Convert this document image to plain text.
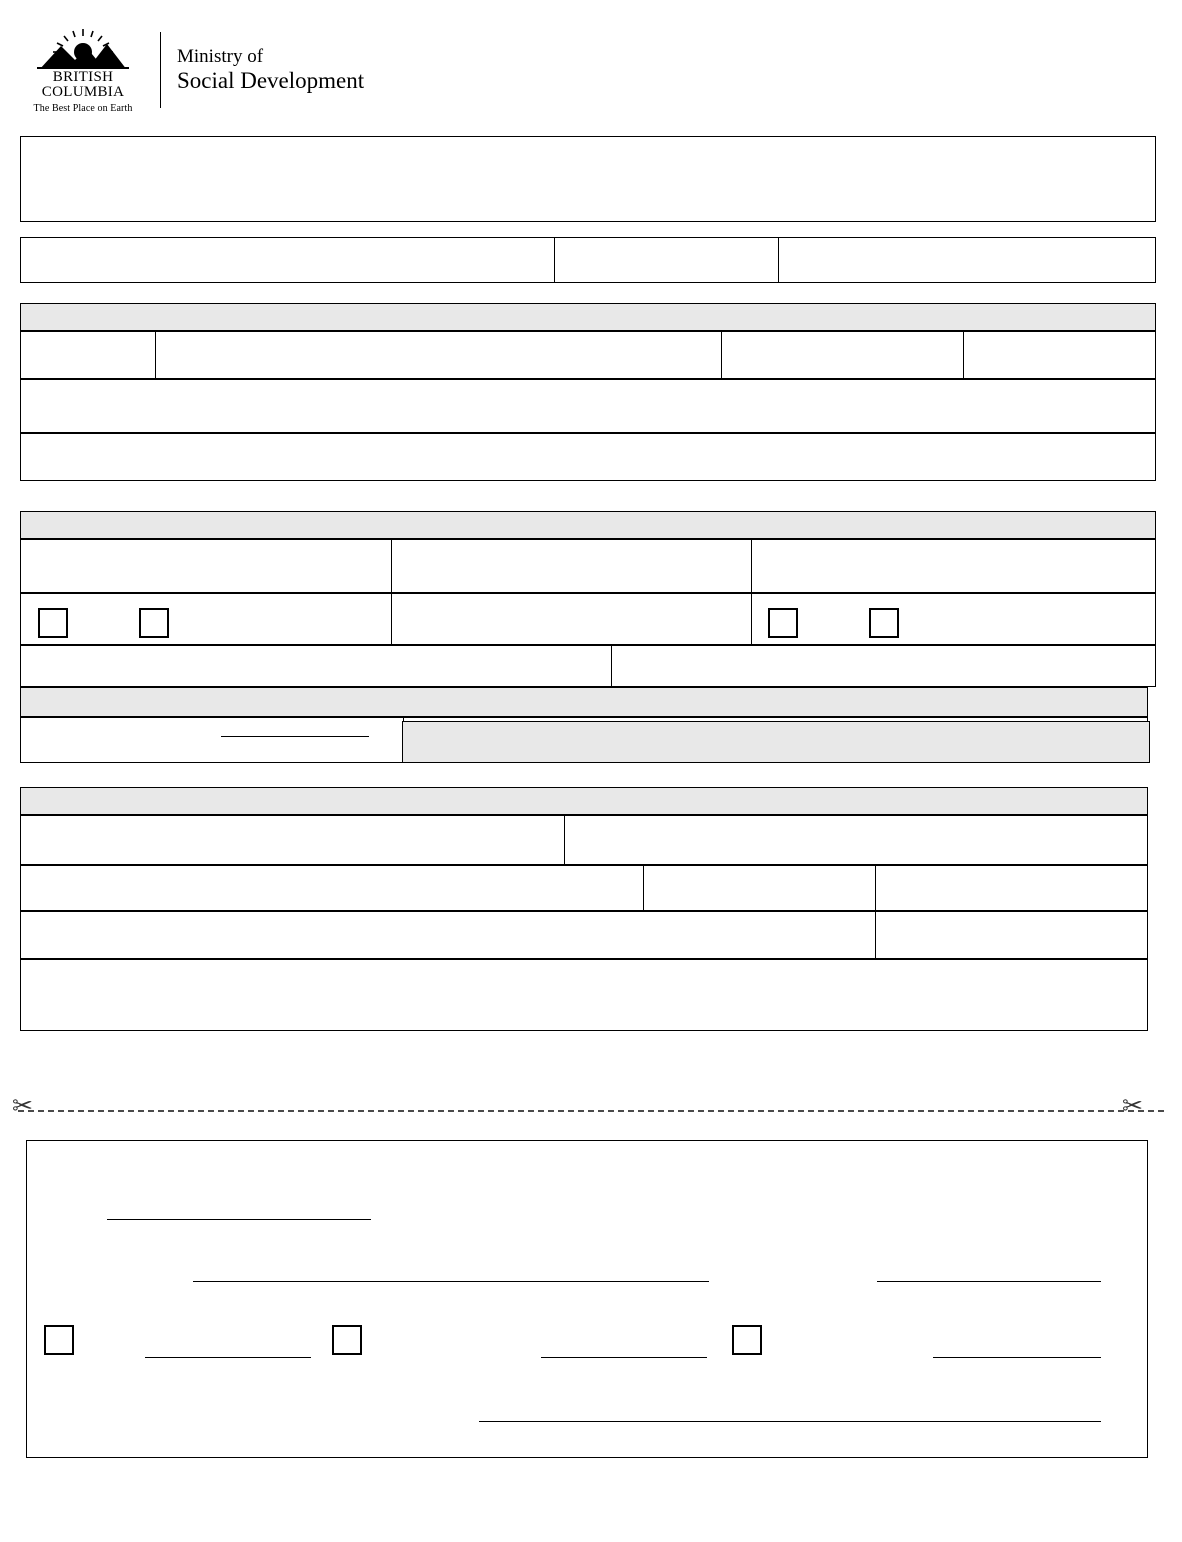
BRITISH
COLUMBIA
The Best Place on Earth
Ministry of
Social Development
✂	✂
